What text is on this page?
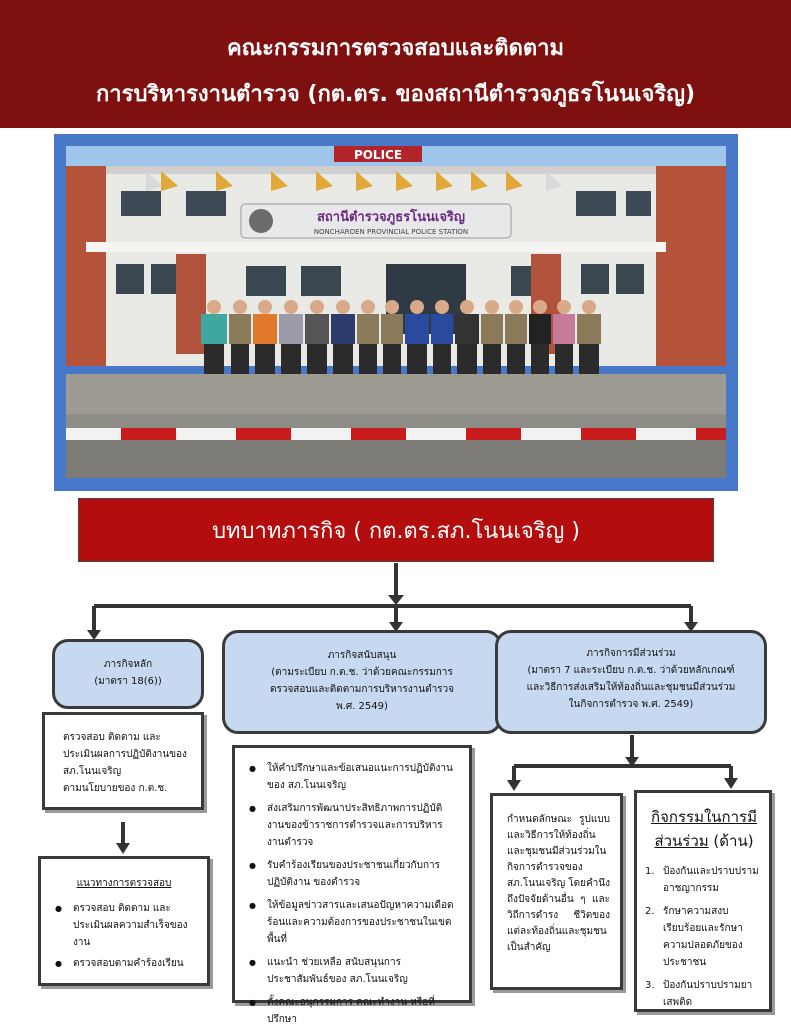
คณะกรรมการตรวจสอบและติดตาม
การบริหารงานตำรวจ (กต.ตร. ของสถานีตำรวจภูธรโนนเจริญ)
POLICE
สถานีตำรวจภูธรโนนเจริญ
NONCHAROEN PROVINCIAL POLICE STATION
บทบาทภารกิจ ( กต.ตร.สภ.โนนเจริญ )
ภารกิจหลัก
(มาตรา 18(6))
ตรวจสอบ ติดตาม และ
ประเมินผลการปฏิบัติงานของ
สภ.โนนเจริญ
ตามนโยบายของ ก.ต.ช.
แนวทางการตรวจสอบ
● ตรวจสอบ ติดตาม และประเมินผลความสำเร็จของงาน
● ตรวจสอบตามคำร้องเรียน
ภารกิจสนับสนุน
(ตามระเบียบ ก.ต.ช. ว่าด้วยคณะกรรมการ
ตรวจสอบและติดตามการบริหารงานตำรวจ
พ.ศ. 2549)
● ให้คำปรึกษาและข้อเสนอแนะการปฏิบัติงานของ สภ.โนนเจริญ
● ส่งเสริมการพัฒนาประสิทธิภาพการปฏิบัติงานของข้าราชการตำรวจและการบริหารงานตำรวจ
● รับคำร้องเรียนของประชาชนเกี่ยวกับการปฏิบัติงาน ของตำรวจ
● ให้ข้อมูลข่าวสารและเสนอปัญหาความเดือดร้อนและความต้องการของประชาชนในเขตพื้นที่
● แนะนำ ช่วยเหลือ สนับสนุนการประชาสัมพันธ์ของ สภ.โนนเจริญ
● ตั้งคณะอนุกรรมการ คณะทำงาน หรือที่ปรึกษา
ภารกิจการมีส่วนร่วม
(มาตรา 7 และระเบียบ ก.ต.ช. ว่าด้วยหลักเกณฑ์
และวิธีการส่งเสริมให้ท้องถิ่นและชุมชนมีส่วนร่วม
ในกิจการตำรวจ พ.ศ. 2549)
กำหนดลักษณะ รูปแบบและวิธีการให้ท้องถิ่นและชุมชนมีส่วนร่วมในกิจการตำรวจของ สภ.โนนเจริญ โดยคำนึงถึงปัจจัยด้านอื่น ๆ และวิถีการดำรง ชีวิตของแต่ละท้องถิ่นและชุมชนเป็นสำคัญ
กิจกรรมในการมีส่วนร่วม (ด้าน)
1. ป้องกันและปราบปรามอาชญากรรม
2. รักษาความสงบเรียบร้อยและรักษาความปลอดภัยของประชาชน
3. ป้องกันปราบปรามยาเสพติด
